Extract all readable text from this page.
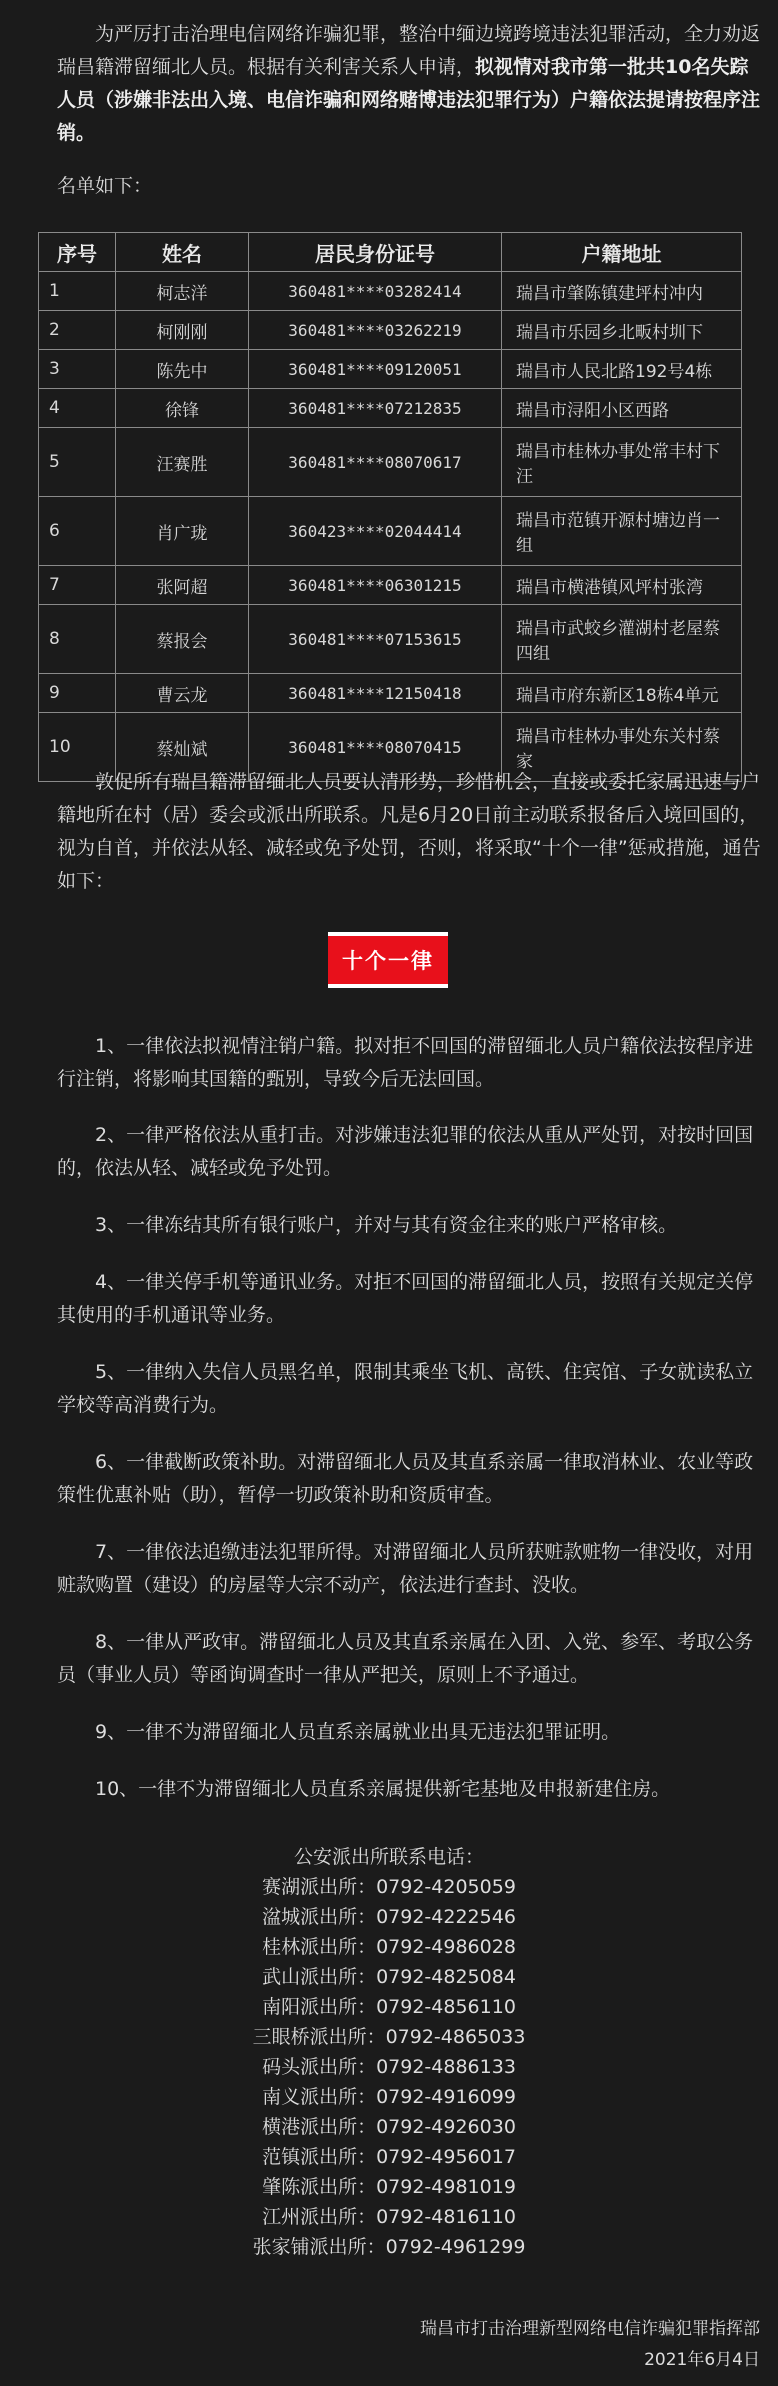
为严厉打击治理电信网络诈骗犯罪，整治中缅边境跨境违法犯罪活动，全力劝返瑞昌籍滞留缅北人员。根据有关利害关系人申请，拟视情对我市第一批共10名失踪人员（涉嫌非法出入境、电信诈骗和网络赌博违法犯罪行为）户籍依法提请按程序注销。

名单如下：
序号	姓名	居民身份证号	户籍地址
1	柯志洋	360481****03282414	瑞昌市肇陈镇建坪村冲内
2	柯刚刚	360481****03262219	瑞昌市乐园乡北畈村圳下
3	陈先中	360481****09120051	瑞昌市人民北路192号4栋
4	徐锋	360481****07212835	瑞昌市浔阳小区西路
5	汪赛胜	360481****08070617	瑞昌市桂林办事处常丰村下汪
6	肖广珑	360423****02044414	瑞昌市范镇开源村塘边肖一组
7	张阿超	360481****06301215	瑞昌市横港镇风坪村张湾
8	蔡报会	360481****07153615	瑞昌市武蛟乡灌湖村老屋蔡四组
9	曹云龙	360481****12150418	瑞昌市府东新区18栋4单元
10	蔡灿斌	360481****08070415	瑞昌市桂林办事处东关村蔡家

敦促所有瑞昌籍滞留缅北人员要认清形势，珍惜机会，直接或委托家属迅速与户籍地所在村（居）委会或派出所联系。凡是6月20日前主动联系报备后入境回国的，视为自首，并依法从轻、减轻或免予处罚，否则，将采取“十个一律”惩戒措施，通告如下：

十个一律

1、一律依法拟视情注销户籍。拟对拒不回国的滞留缅北人员户籍依法按程序进行注销，将影响其国籍的甄别，导致今后无法回国。

2、一律严格依法从重打击。对涉嫌违法犯罪的依法从重从严处罚，对按时回国的，依法从轻、减轻或免予处罚。

3、一律冻结其所有银行账户，并对与其有资金往来的账户严格审核。

4、一律关停手机等通讯业务。对拒不回国的滞留缅北人员，按照有关规定关停其使用的手机通讯等业务。

5、一律纳入失信人员黑名单，限制其乘坐飞机、高铁、住宾馆、子女就读私立学校等高消费行为。

6、一律截断政策补助。对滞留缅北人员及其直系亲属一律取消林业、农业等政策性优惠补贴（助），暂停一切政策补助和资质审查。

7、一律依法追缴违法犯罪所得。对滞留缅北人员所获赃款赃物一律没收，对用赃款购置（建设）的房屋等大宗不动产，依法进行查封、没收。

8、一律从严政审。滞留缅北人员及其直系亲属在入团、入党、参军、考取公务员（事业人员）等函询调查时一律从严把关，原则上不予通过。

9、一律不为滞留缅北人员直系亲属就业出具无违法犯罪证明。

10、一律不为滞留缅北人员直系亲属提供新宅基地及申报新建住房。

公安派出所联系电话：
赛湖派出所：0792-4205059
湓城派出所：0792-4222546
桂林派出所：0792-4986028
武山派出所：0792-4825084
南阳派出所：0792-4856110
三眼桥派出所：0792-4865033
码头派出所：0792-4886133
南义派出所：0792-4916099
横港派出所：0792-4926030
范镇派出所：0792-4956017
肇陈派出所：0792-4981019
江州派出所：0792-4816110
张家铺派出所：0792-4961299
瑞昌市打击治理新型网络电信诈骗犯罪指挥部
2021年6月4日
